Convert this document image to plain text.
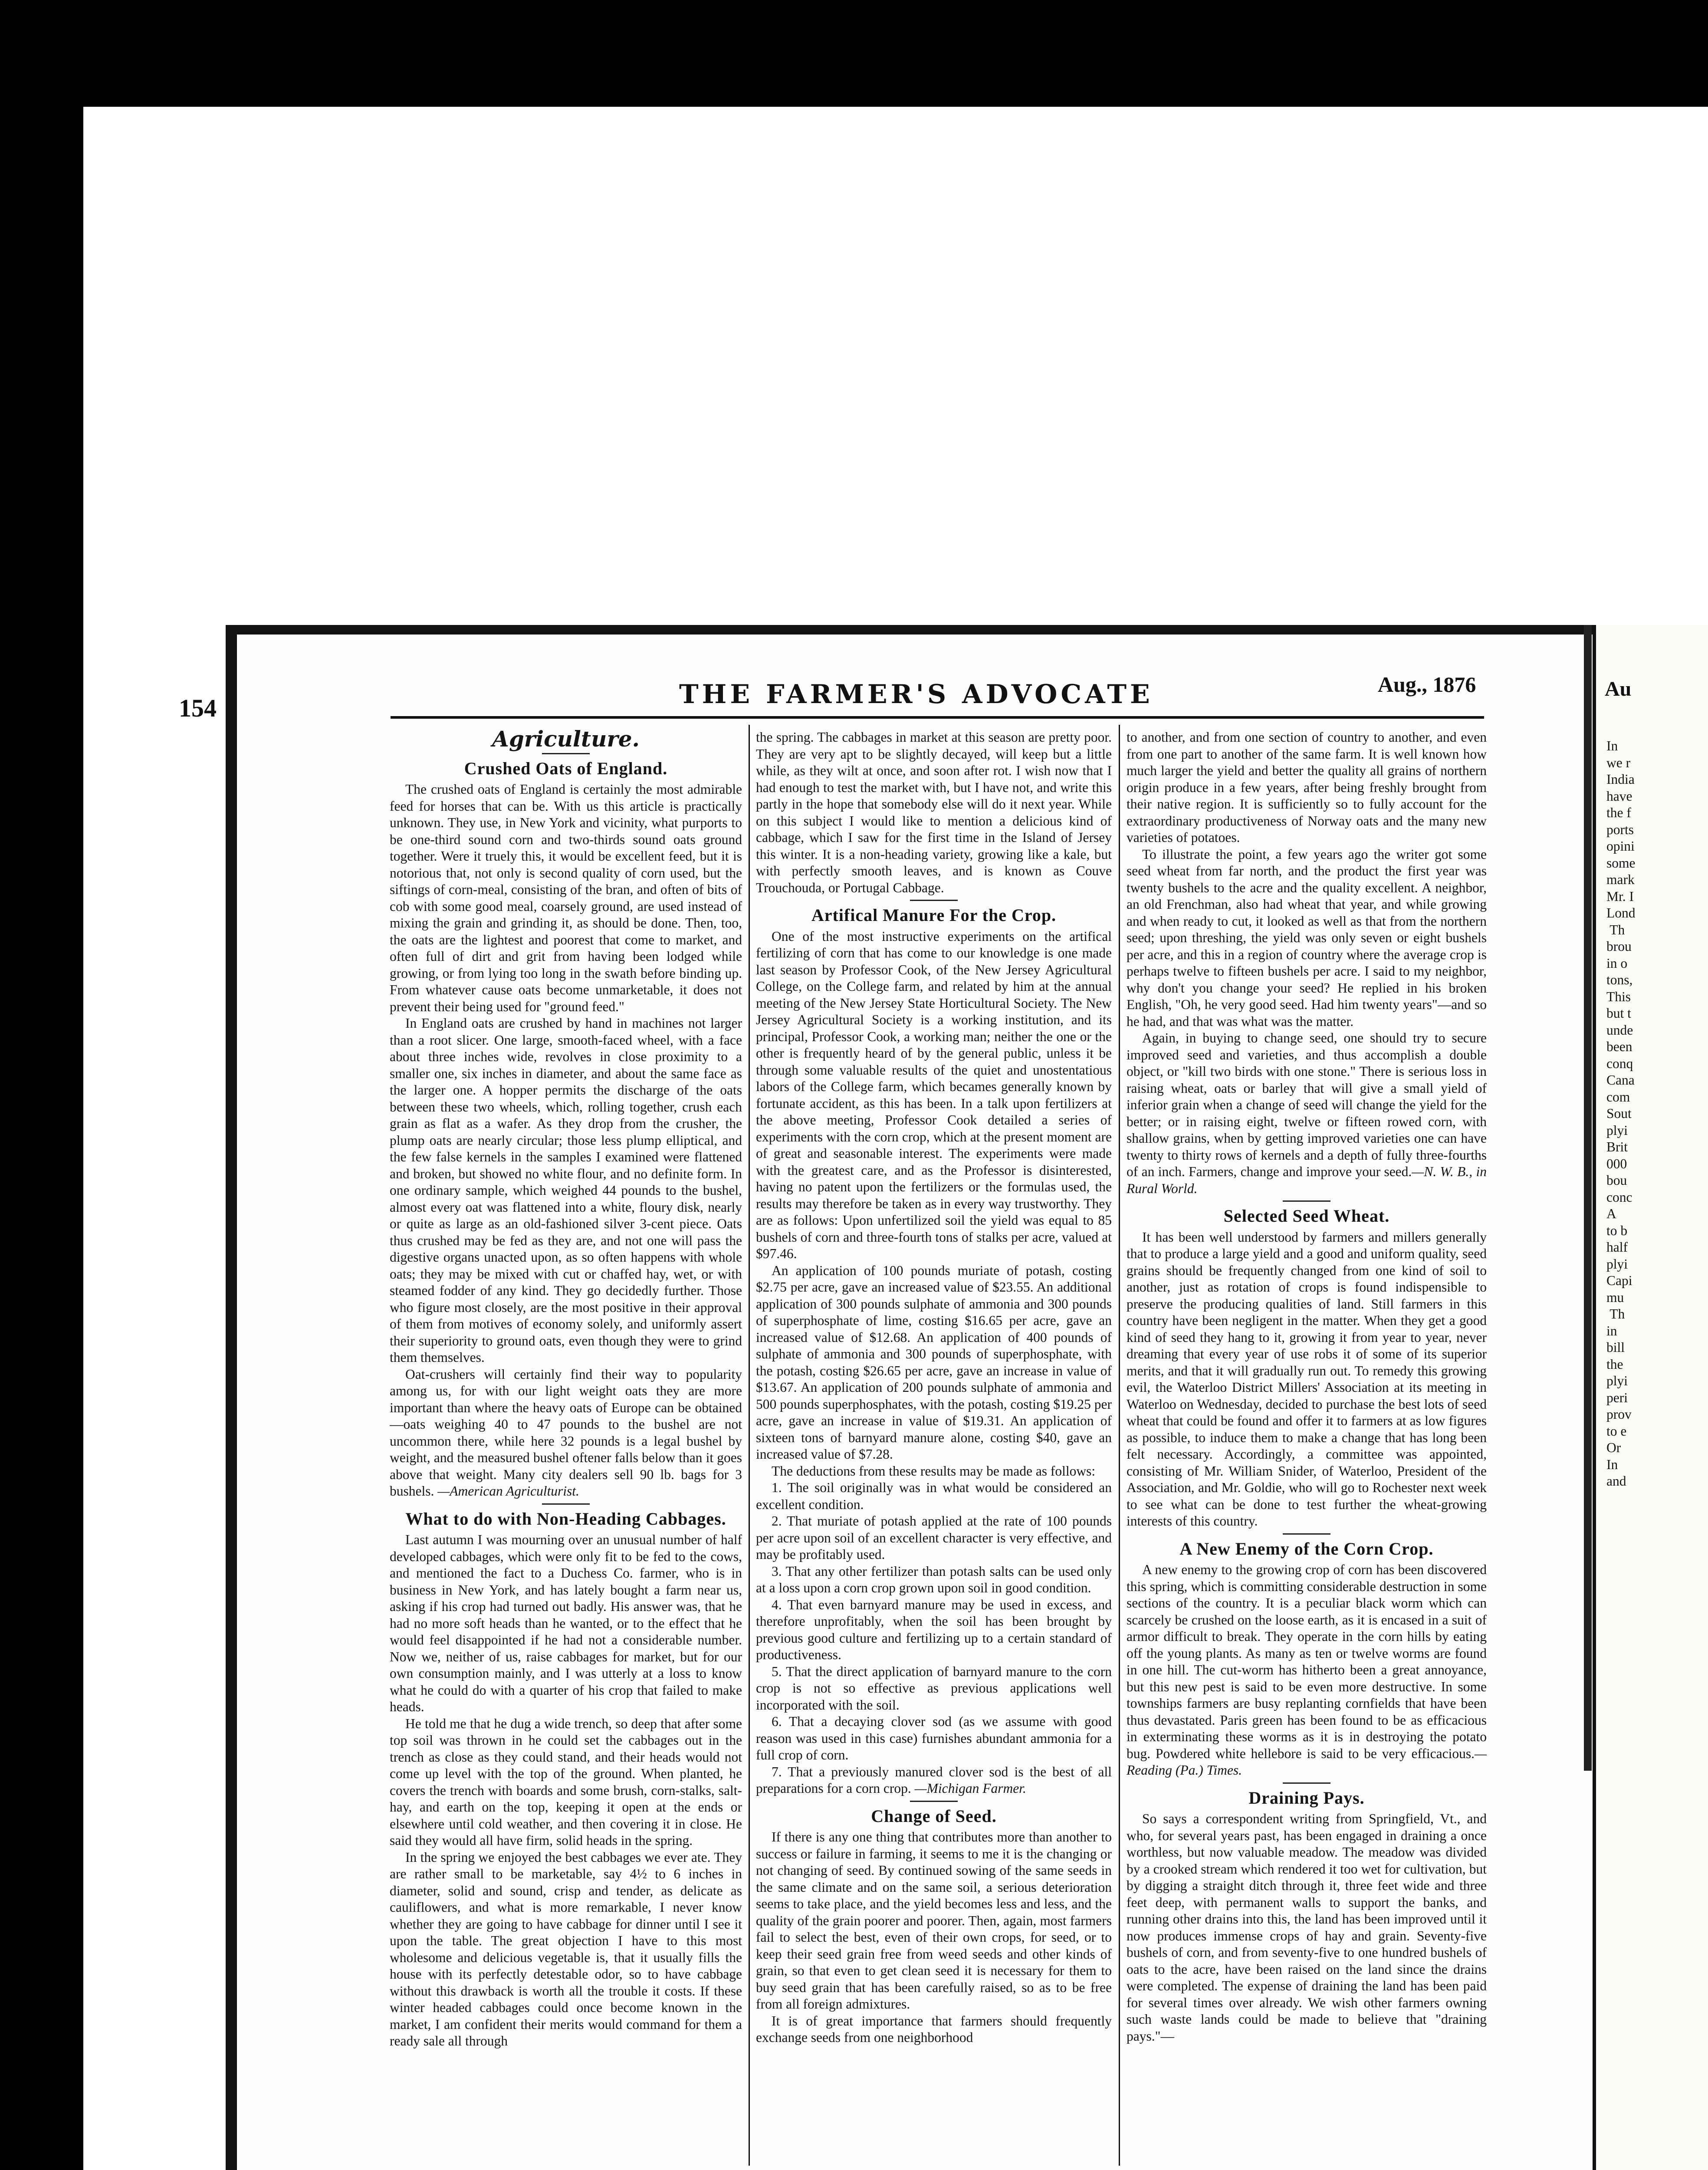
Au
In
we r
India
have
the f
ports
opini
some
mark
Mr. I
Lond
Th
brou
in o
tons,
This
but t
unde
been
conq
Cana
com
Sout
plyi
Brit
000
bou
conc
A
to b
half
plyi
Capi
mu
Th
in
bill
the
plyi
peri
prov
to e
Or
In
and
154	THE FARMER'S ADVOCATE	Aug., 1876
Agriculture.
Crushed Oats of England.

The crushed oats of England is certainly the most admirable feed for horses that can be. With us this article is practically unknown. They use, in New York and vicinity, what purports to be one-third sound corn and two-thirds sound oats ground together. Were it truely this, it would be excellent feed, but it is notorious that, not only is second quality of corn used, but the siftings of corn-meal, consisting of the bran, and often of bits of cob with some good meal, coarsely ground, are used instead of mixing the grain and grinding it, as should be done. Then, too, the oats are the lightest and poorest that come to market, and often full of dirt and grit from having been lodged while growing, or from lying too long in the swath before binding up. From whatever cause oats become unmarketable, it does not prevent their being used for "ground feed."

In England oats are crushed by hand in machines not larger than a root slicer. One large, smooth-faced wheel, with a face about three inches wide, revolves in close proximity to a smaller one, six inches in diameter, and about the same face as the larger one. A hopper permits the discharge of the oats between these two wheels, which, rolling together, crush each grain as flat as a wafer. As they drop from the crusher, the plump oats are nearly circular; those less plump elliptical, and the few false kernels in the samples I examined were flattened and broken, but showed no white flour, and no definite form. In one ordinary sample, which weighed 44 pounds to the bushel, almost every oat was flattened into a white, floury disk, nearly or quite as large as an old-fashioned silver 3-cent piece. Oats thus crushed may be fed as they are, and not one will pass the digestive organs unacted upon, as so often happens with whole oats; they may be mixed with cut or chaffed hay, wet, or with steamed fodder of any kind. They go decidedly further. Those who figure most closely, are the most positive in their approval of them from motives of economy solely, and uniformly assert their superiority to ground oats, even though they were to grind them themselves.

Oat-crushers will certainly find their way to popularity among us, for with our light weight oats they are more important than where the heavy oats of Europe can be obtained—oats weighing 40 to 47 pounds to the bushel are not uncommon there, while here 32 pounds is a legal bushel by weight, and the measured bushel oftener falls below than it goes above that weight. Many city dealers sell 90 lb. bags for 3 bushels. —American Agriculturist.

What to do with Non-Heading Cabbages.

Last autumn I was mourning over an unusual number of half developed cabbages, which were only fit to be fed to the cows, and mentioned the fact to a Duchess Co. farmer, who is in business in New York, and has lately bought a farm near us, asking if his crop had turned out badly. His answer was, that he had no more soft heads than he wanted, or to the effect that he would feel disappointed if he had not a considerable number. Now we, neither of us, raise cabbages for market, but for our own consumption mainly, and I was utterly at a loss to know what he could do with a quarter of his crop that failed to make heads.

He told me that he dug a wide trench, so deep that after some top soil was thrown in he could set the cabbages out in the trench as close as they could stand, and their heads would not come up level with the top of the ground. When planted, he covers the trench with boards and some brush, corn-stalks, salt-hay, and earth on the top, keeping it open at the ends or elsewhere until cold weather, and then covering it in close. He said they would all have firm, solid heads in the spring.

In the spring we enjoyed the best cabbages we ever ate. They are rather small to be marketable, say 4½ to 6 inches in diameter, solid and sound, crisp and tender, as delicate as cauliflowers, and what is more remarkable, I never know whether they are going to have cabbage for dinner until I see it upon the table. The great objection I have to this most wholesome and delicious vegetable is, that it usually fills the house with its perfectly detestable odor, so to have cabbage without this drawback is worth all the trouble it costs. If these winter headed cabbages could once become known in the market, I am confident their merits would command for them a ready sale all through

the spring. The cabbages in market at this season are pretty poor. They are very apt to be slightly decayed, will keep but a little while, as they wilt at once, and soon after rot. I wish now that I had enough to test the market with, but I have not, and write this partly in the hope that somebody else will do it next year. While on this subject I would like to mention a delicious kind of cabbage, which I saw for the first time in the Island of Jersey this winter. It is a non-heading variety, growing like a kale, but with perfectly smooth leaves, and is known as Couve Trouchouda, or Portugal Cabbage.

Artifical Manure For the Crop.

One of the most instructive experiments on the artifical fertilizing of corn that has come to our knowledge is one made last season by Professor Cook, of the New Jersey Agricultural College, on the College farm, and related by him at the annual meeting of the New Jersey State Horticultural Society. The New Jersey Agricultural Society is a working institution, and its principal, Professor Cook, a working man; neither the one or the other is frequently heard of by the general public, unless it be through some valuable results of the quiet and unostentatious labors of the College farm, which becames generally known by fortunate accident, as this has been. In a talk upon fertilizers at the above meeting, Professor Cook detailed a series of experiments with the corn crop, which at the present moment are of great and seasonable interest. The experiments were made with the greatest care, and as the Professor is disinterested, having no patent upon the fertilizers or the formulas used, the results may therefore be taken as in every way trustworthy. They are as follows: Upon unfertilized soil the yield was equal to 85 bushels of corn and three-fourth tons of stalks per acre, valued at $97.46.

An application of 100 pounds muriate of potash, costing $2.75 per acre, gave an increased value of $23.55. An additional application of 300 pounds sulphate of ammonia and 300 pounds of superphosphate of lime, costing $16.65 per acre, gave an increased value of $12.68. An application of 400 pounds of sulphate of ammonia and 300 pounds of superphosphate, with the potash, costing $26.65 per acre, gave an increase in value of $13.67. An application of 200 pounds sulphate of ammonia and 500 pounds superphosphates, with the potash, costing $19.25 per acre, gave an increase in value of $19.31. An application of sixteen tons of barnyard manure alone, costing $40, gave an increased value of $7.28.

The deductions from these results may be made as follows:

1. The soil originally was in what would be considered an excellent condition.

2. That muriate of potash applied at the rate of 100 pounds per acre upon soil of an excellent character is very effective, and may be profitably used.

3. That any other fertilizer than potash salts can be used only at a loss upon a corn crop grown upon soil in good condition.

4. That even barnyard manure may be used in excess, and therefore unprofitably, when the soil has been brought by previous good culture and fertilizing up to a certain standard of productiveness.

5. That the direct application of barnyard manure to the corn crop is not so effective as previous applications well incorporated with the soil.

6. That a decaying clover sod (as we assume with good reason was used in this case) furnishes abundant ammonia for a full crop of corn.

7. That a previously manured clover sod is the best of all preparations for a corn crop. —Michigan Farmer.

Change of Seed.

If there is any one thing that contributes more than another to success or failure in farming, it seems to me it is the changing or not changing of seed. By continued sowing of the same seeds in the same climate and on the same soil, a serious deterioration seems to take place, and the yield becomes less and less, and the quality of the grain poorer and poorer. Then, again, most farmers fail to select the best, even of their own crops, for seed, or to keep their seed grain free from weed seeds and other kinds of grain, so that even to get clean seed it is necessary for them to buy seed grain that has been carefully raised, so as to be free from all foreign admixtures.

It is of great importance that farmers should frequently exchange seeds from one neighborhood

to another, and from one section of country to another, and even from one part to another of the same farm. It is well known how much larger the yield and better the quality all grains of northern origin produce in a few years, after being freshly brought from their native region. It is sufficiently so to fully account for the extraordinary productiveness of Norway oats and the many new varieties of potatoes.

To illustrate the point, a few years ago the writer got some seed wheat from far north, and the product the first year was twenty bushels to the acre and the quality excellent. A neighbor, an old Frenchman, also had wheat that year, and while growing and when ready to cut, it looked as well as that from the northern seed; upon threshing, the yield was only seven or eight bushels per acre, and this in a region of country where the average crop is perhaps twelve to fifteen bushels per acre. I said to my neighbor, why don't you change your seed? He replied in his broken English, "Oh, he very good seed. Had him twenty years"—and so he had, and that was what was the matter.

Again, in buying to change seed, one should try to secure improved seed and varieties, and thus accomplish a double object, or "kill two birds with one stone." There is serious loss in raising wheat, oats or barley that will give a small yield of inferior grain when a change of seed will change the yield for the better; or in raising eight, twelve or fifteen rowed corn, with shallow grains, when by getting improved varieties one can have twenty to thirty rows of kernels and a depth of fully three-fourths of an inch. Farmers, change and improve your seed.—N. W. B., in Rural World.

Selected Seed Wheat.

It has been well understood by farmers and millers generally that to produce a large yield and a good and uniform quality, seed grains should be frequently changed from one kind of soil to another, just as rotation of crops is found indispensible to preserve the producing qualities of land. Still farmers in this country have been negligent in the matter. When they get a good kind of seed they hang to it, growing it from year to year, never dreaming that every year of use robs it of some of its superior merits, and that it will gradually run out. To remedy this growing evil, the Waterloo District Millers' Association at its meeting in Waterloo on Wednesday, decided to purchase the best lots of seed wheat that could be found and offer it to farmers at as low figures as possible, to induce them to make a change that has long been felt necessary. Accordingly, a committee was appointed, consisting of Mr. William Snider, of Waterloo, President of the Association, and Mr. Goldie, who will go to Rochester next week to see what can be done to test further the wheat-growing interests of this country.

A New Enemy of the Corn Crop.

A new enemy to the growing crop of corn has been discovered this spring, which is committing considerable destruction in some sections of the country. It is a peculiar black worm which can scarcely be crushed on the loose earth, as it is encased in a suit of armor difficult to break. They operate in the corn hills by eating off the young plants. As many as ten or twelve worms are found in one hill. The cut-worm has hitherto been a great annoyance, but this new pest is said to be even more destructive. In some townships farmers are busy replanting cornfields that have been thus devastated. Paris green has been found to be as efficacious in exterminating these worms as it is in destroying the potato bug. Powdered white hellebore is said to be very efficacious.—Reading (Pa.) Times.

Draining Pays.

So says a correspondent writing from Springfield, Vt., and who, for several years past, has been engaged in draining a once worthless, but now valuable meadow. The meadow was divided by a crooked stream which rendered it too wet for cultivation, but by digging a straight ditch through it, three feet wide and three feet deep, with permanent walls to support the banks, and running other drains into this, the land has been improved until it now produces immense crops of hay and grain. Seventy-five bushels of corn, and from seventy-five to one hundred bushels of oats to the acre, have been raised on the land since the drains were completed. The expense of draining the land has been paid for several times over already. We wish other farmers owning such waste lands could be made to believe that "draining pays."—
